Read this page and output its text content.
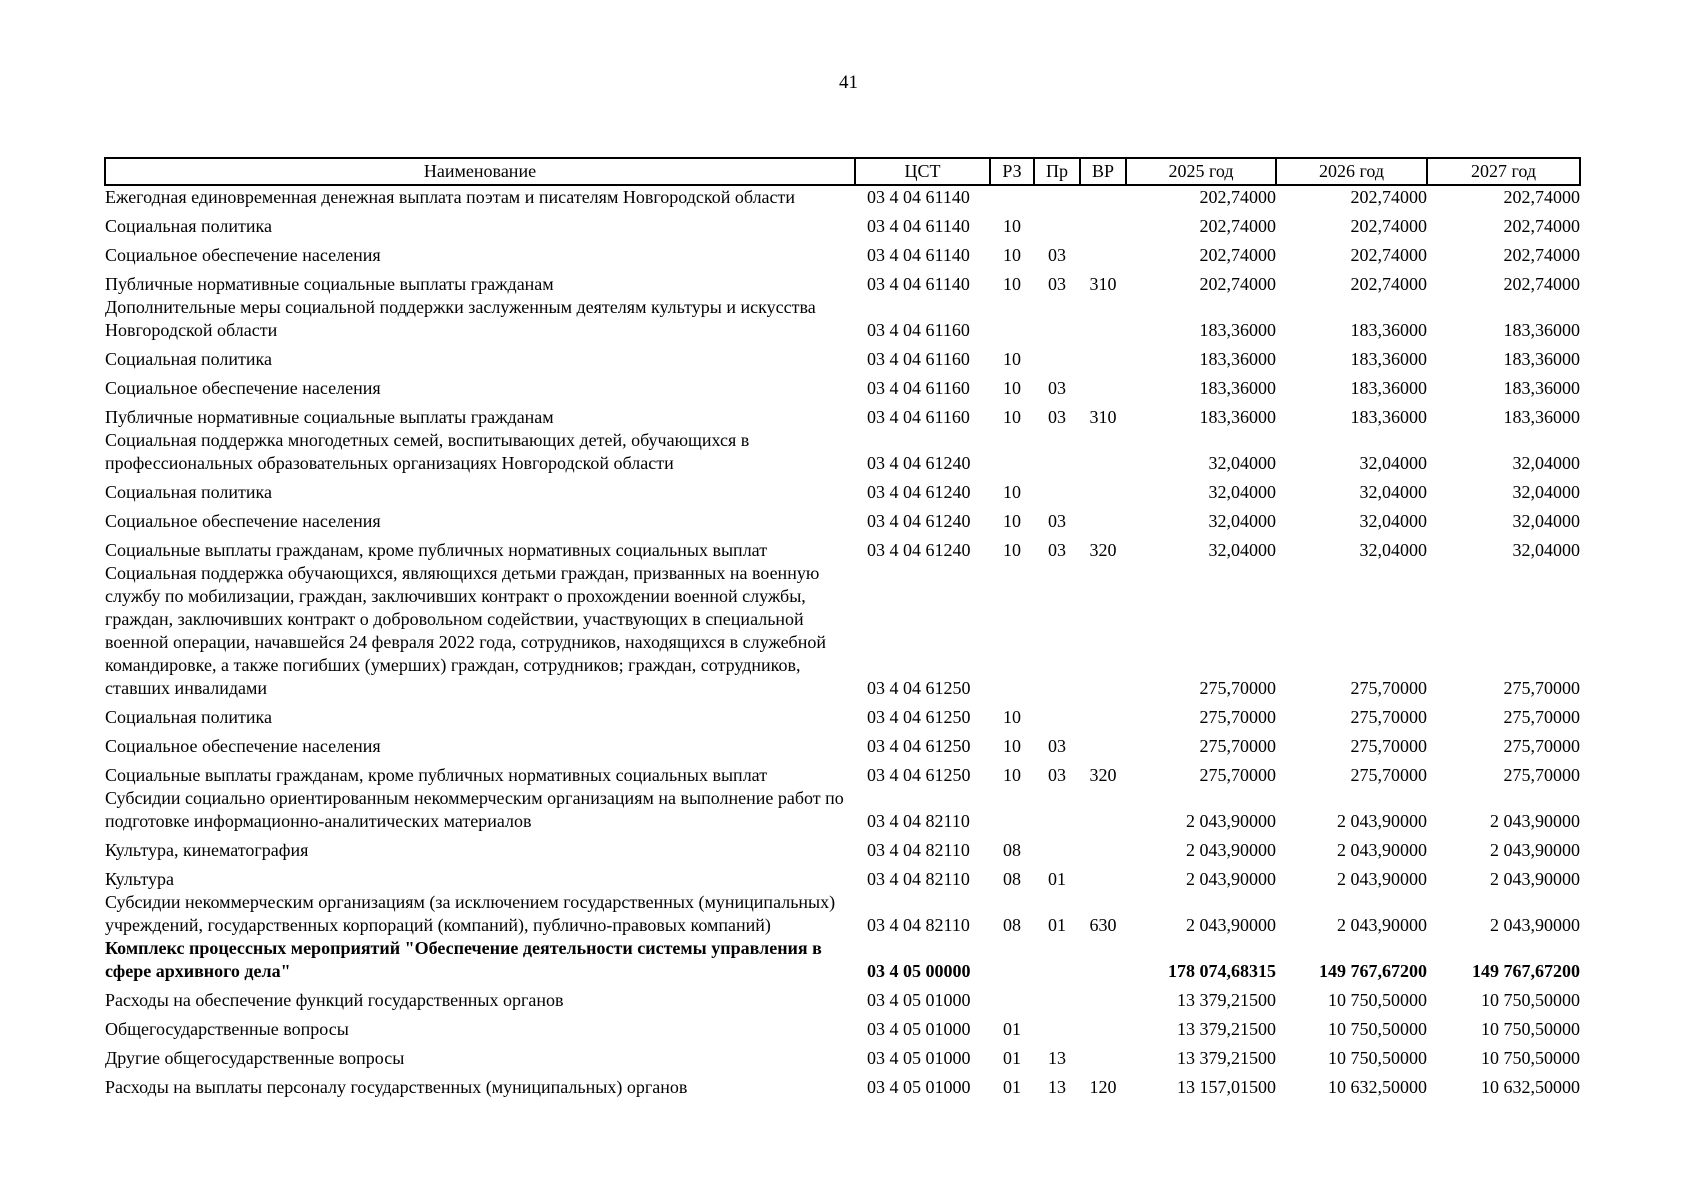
41
Наименование	ЦСТ	РЗ	Пр	ВР	2025 год	2026 год	2027 год
Ежегодная единовременная денежная выплата поэтам и писателям Новгородской области	03 4 04 61140				202,74000	202,74000	202,74000
Социальная политика	03 4 04 61140	10			202,74000	202,74000	202,74000
Социальное обеспечение населения	03 4 04 61140	10	03		202,74000	202,74000	202,74000
Публичные нормативные социальные выплаты гражданам	03 4 04 61140	10	03	310	202,74000	202,74000	202,74000
Дополнительные меры социальной поддержки заслуженным деятелям культуры и искусства Новгородской области	03 4 04 61160				183,36000	183,36000	183,36000
Социальная политика	03 4 04 61160	10			183,36000	183,36000	183,36000
Социальное обеспечение населения	03 4 04 61160	10	03		183,36000	183,36000	183,36000
Публичные нормативные социальные выплаты гражданам	03 4 04 61160	10	03	310	183,36000	183,36000	183,36000
Социальная поддержка многодетных семей, воспитывающих детей, обучающихся в профессиональных образовательных организациях Новгородской области	03 4 04 61240				32,04000	32,04000	32,04000
Социальная политика	03 4 04 61240	10			32,04000	32,04000	32,04000
Социальное обеспечение населения	03 4 04 61240	10	03		32,04000	32,04000	32,04000
Социальные выплаты гражданам, кроме публичных нормативных социальных выплат	03 4 04 61240	10	03	320	32,04000	32,04000	32,04000
Социальная поддержка обучающихся, являющихся детьми граждан, призванных на военную службу по мобилизации, граждан, заключивших контракт о прохождении военной службы, граждан, заключивших контракт о добровольном содействии, участвующих в специальной военной операции, начавшейся 24 февраля 2022 года, сотрудников, находящихся в служебной командировке, а также погибших (умерших) граждан, сотрудников; граждан, сотрудников, ставших инвалидами	03 4 04 61250				275,70000	275,70000	275,70000
Социальная политика	03 4 04 61250	10			275,70000	275,70000	275,70000
Социальное обеспечение населения	03 4 04 61250	10	03		275,70000	275,70000	275,70000
Социальные выплаты гражданам, кроме публичных нормативных социальных выплат	03 4 04 61250	10	03	320	275,70000	275,70000	275,70000
Субсидии социально ориентированным некоммерческим организациям на выполнение работ по подготовке информационно-аналитических материалов	03 4 04 82110				2 043,90000	2 043,90000	2 043,90000
Культура, кинематография	03 4 04 82110	08			2 043,90000	2 043,90000	2 043,90000
Культура	03 4 04 82110	08	01		2 043,90000	2 043,90000	2 043,90000
Субсидии некоммерческим организациям (за исключением государственных (муниципальных) учреждений, государственных корпораций (компаний), публично-правовых компаний)	03 4 04 82110	08	01	630	2 043,90000	2 043,90000	2 043,90000
Комплекс процессных мероприятий "Обеспечение деятельности системы управления в сфере архивного дела"	03 4 05 00000				178 074,68315	149 767,67200	149 767,67200
Расходы на обеспечение функций государственных органов	03 4 05 01000				13 379,21500	10 750,50000	10 750,50000
Общегосударственные вопросы	03 4 05 01000	01			13 379,21500	10 750,50000	10 750,50000
Другие общегосударственные вопросы	03 4 05 01000	01	13		13 379,21500	10 750,50000	10 750,50000
Расходы на выплаты персоналу государственных (муниципальных) органов	03 4 05 01000	01	13	120	13 157,01500	10 632,50000	10 632,50000
